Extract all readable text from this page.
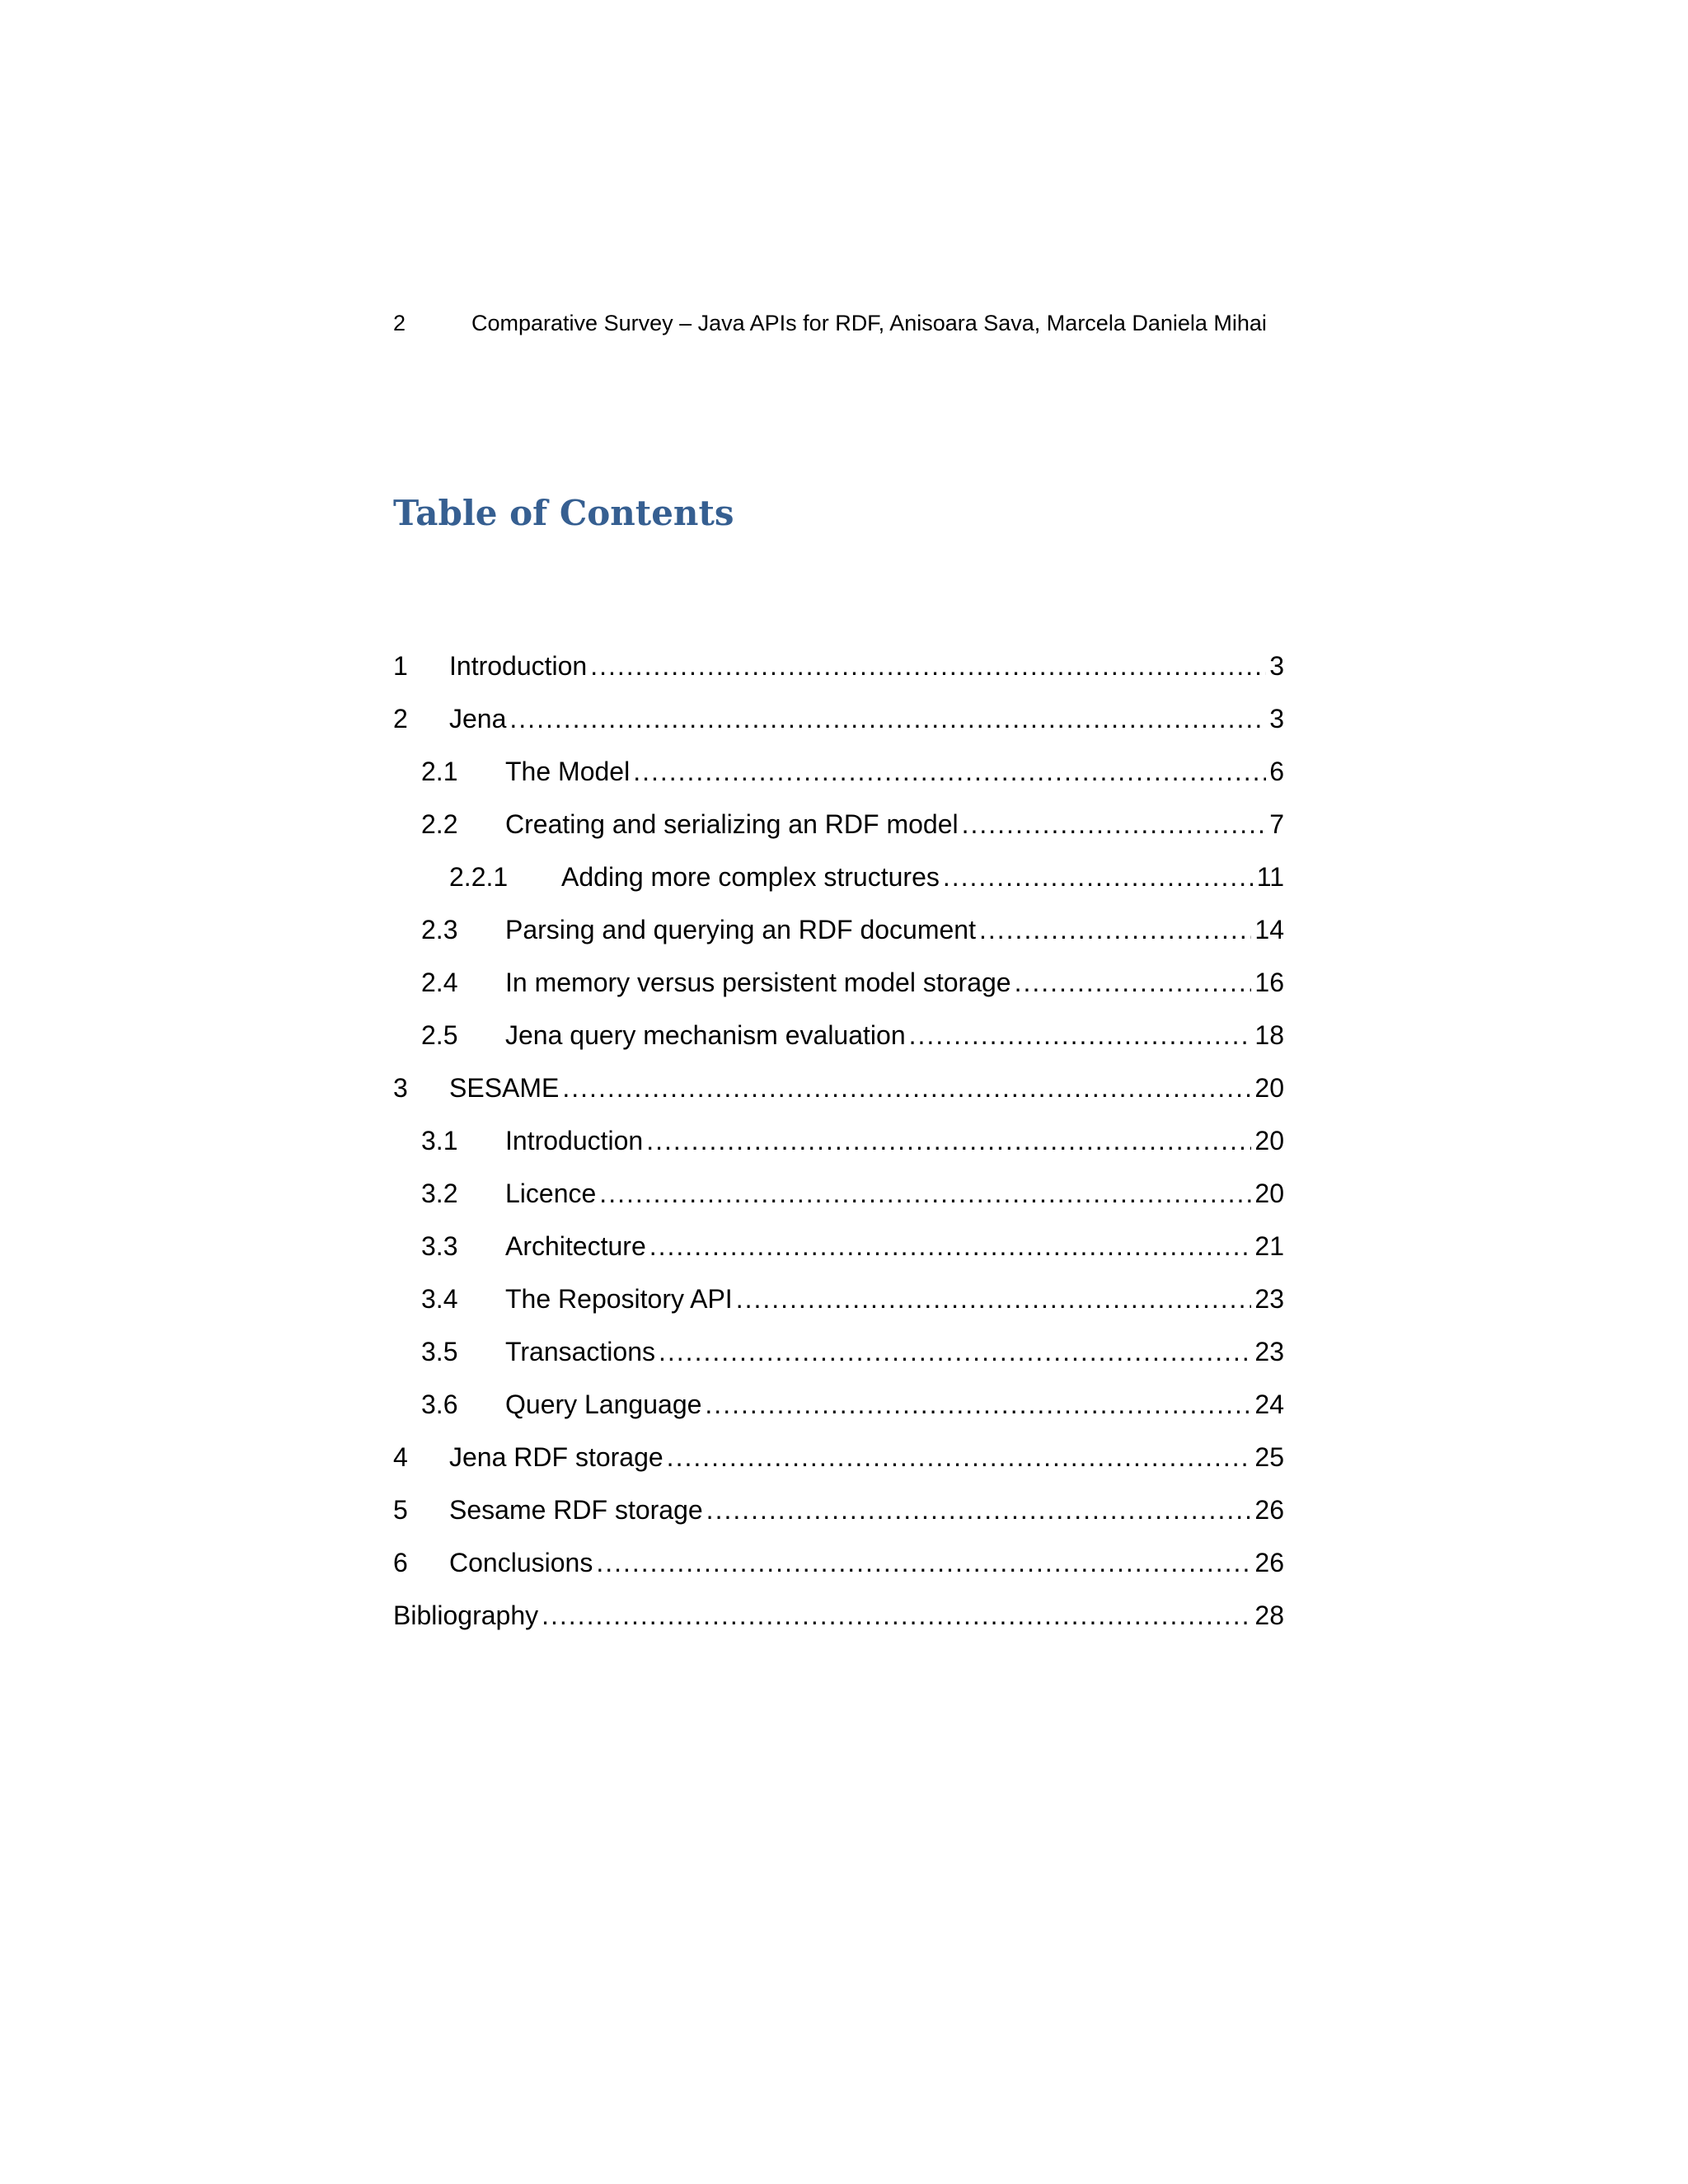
2	Comparative Survey – Java APIs for RDF, Anisoara Sava, Marcela Daniela Mihai
Table of Contents
1	Introduction .....	3
2	Jena .....	3
2.1	The Model .....	6
2.2	Creating and serializing an RDF model .....	7
2.2.1	Adding more complex structures .....	11
2.3	Parsing and querying an RDF document .....	14
2.4	In memory versus persistent model storage .....	16
2.5	Jena query mechanism evaluation .....	18
3	SESAME .....	20
3.1	Introduction .....	20
3.2	Licence .....	20
3.3	Architecture .....	21
3.4	The Repository API .....	23
3.5	Transactions .....	23
3.6	Query Language .....	24
4	Jena RDF storage .....	25
5	Sesame RDF storage .....	26
6	Conclusions .....	26
Bibliography .....	28
